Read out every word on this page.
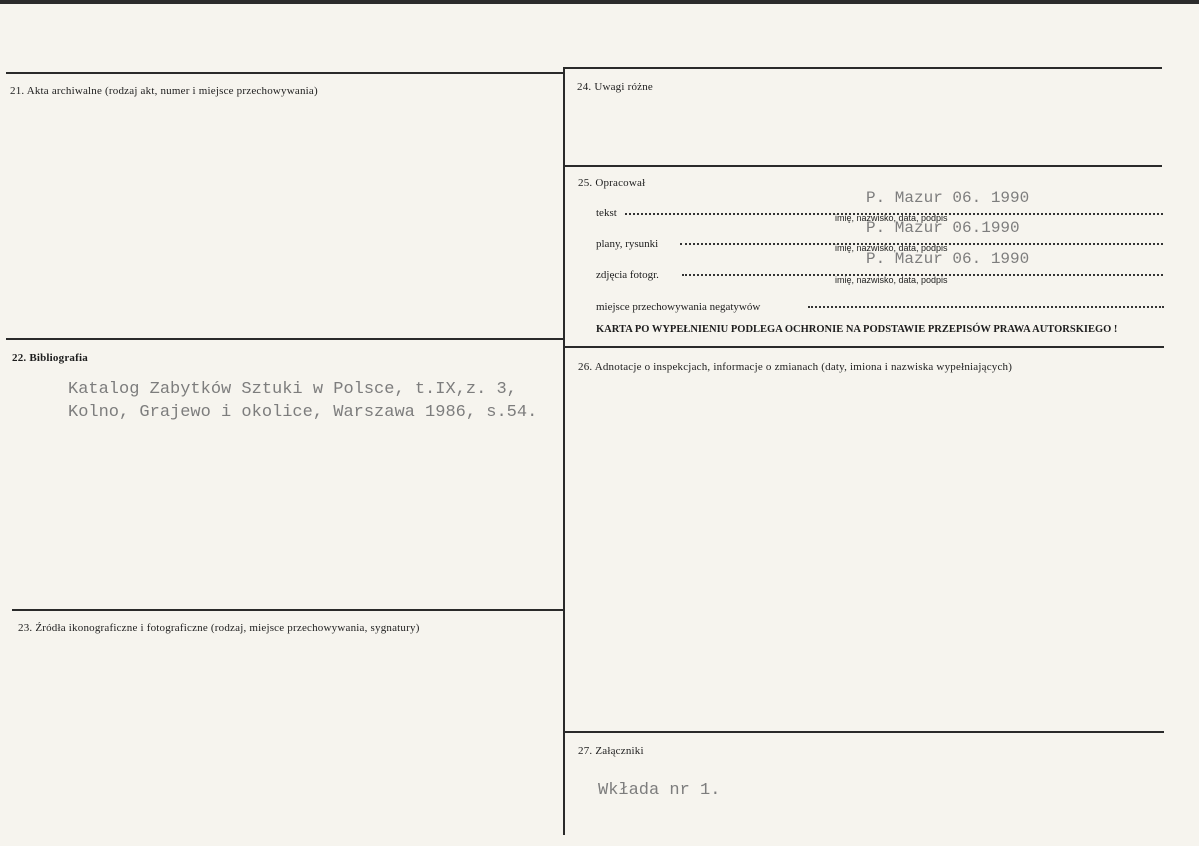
21. Akta archiwalne (rodzaj akt, numer i miejsce przechowywania)
22. Bibliografia
Katalog Zabytków Sztuki w Polsce, t.IX,z. 3,
Kolno, Grajewo i okolice, Warszawa 1986, s.54.
23. Źródła ikonograficzne i fotograficzne (rodzaj, miejsce przechowywania, sygnatury)
24. Uwagi różne
25. Opracował
tekst
P. Mazur 06. 1990
imię, nazwisko, data, podpis
plany, rysunki
P. Mazur 06.1990
imię, nazwisko, data, podpis
zdjęcia fotogr.
P. Mazur 06. 1990
imię, nazwisko, data, podpis
miejsce przechowywania negatywów
KARTA PO WYPEŁNIENIU PODLEGA OCHRONIE NA PODSTAWIE PRZEPISÓW PRAWA AUTORSKIEGO !
26. Adnotacje o inspekcjach, informacje o zmianach (daty, imiona i nazwiska wypełniających)
27. Załączniki
Wkłada nr 1.
